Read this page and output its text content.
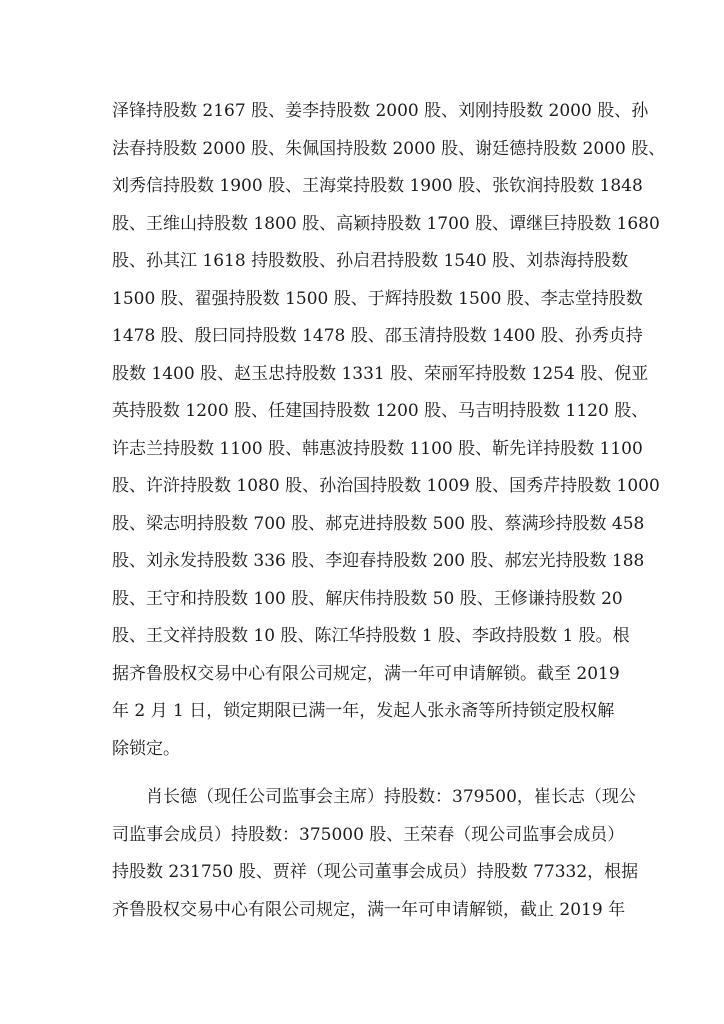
泽锋持股数 2167 股、姜李持股数 2000 股、刘刚持股数 2000 股、孙
法春持股数 2000 股、朱佩国持股数 2000 股、谢廷德持股数 2000 股、
刘秀信持股数 1900 股、王海棠持股数 1900 股、张钦润持股数 1848
股、王维山持股数 1800 股、高颖持股数 1700 股、谭继巨持股数 1680
股、孙其江 1618 持股数股、孙启君持股数 1540 股、刘恭海持股数
1500 股、翟强持股数 1500 股、于辉持股数 1500 股、李志堂持股数
1478 股、殷曰同持股数 1478 股、邵玉清持股数 1400 股、孙秀贞持
股数 1400 股、赵玉忠持股数 1331 股、荣丽军持股数 1254 股、倪亚
英持股数 1200 股、任建国持股数 1200 股、马吉明持股数 1120 股、
许志兰持股数 1100 股、韩惠波持股数 1100 股、靳先详持股数 1100
股、许浒持股数 1080 股、孙治国持股数 1009 股、国秀芹持股数 1000
股、梁志明持股数 700 股、郝克进持股数 500 股、蔡满珍持股数 458
股、刘永发持股数 336 股、李迎春持股数 200 股、郝宏光持股数 188
股、王守和持股数 100 股、解庆伟持股数 50 股、王修谦持股数 20
股、王文祥持股数 10 股、陈江华持股数 1 股、李政持股数 1 股。根
据齐鲁股权交易中心有限公司规定，满一年可申请解锁。截至 2019
年 2 月 1 日，锁定期限已满一年，发起人张永斋等所持锁定股权解
除锁定。
肖长德（现任公司监事会主席）持股数：379500，崔长志（现公
司监事会成员）持股数：375000 股、王荣春（现公司监事会成员）
持股数 231750 股、贾祥（现公司董事会成员）持股数 77332，根据
齐鲁股权交易中心有限公司规定，满一年可申请解锁，截止 2019 年
